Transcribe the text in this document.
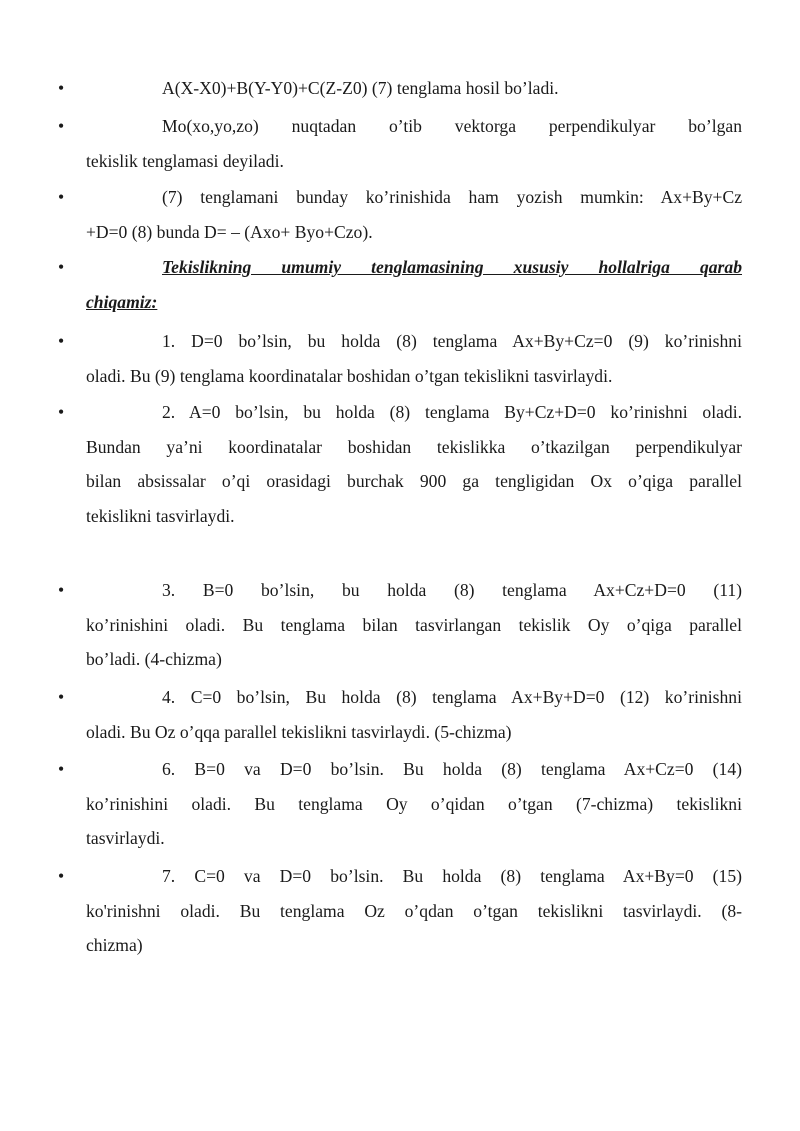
•	A(X-X0)+B(Y-Y0)+C(Z-Z0) (7) tenglama hosil bo’ladi.
•	Mo(xo,yo,zo) nuqtadan o’tib vektorga perpendikulyar bo’lgan
tekislik tenglamasi deyiladi.
•	(7) tenglamani bunday ko’rinishida ham yozish mumkin: Ax+By+Cz
+D=0 (8) bunda D= – (Axo+ Byo+Czo).
•	Tekislikning umumiy tenglamasining xususiy hollalriga qarab
chiqamiz:
•	1. D=0 bo’lsin, bu holda (8) tenglama Ax+By+Cz=0 (9) ko’rinishni
oladi. Bu (9) tenglama koordinatalar boshidan o’tgan tekislikni tasvirlaydi.
•	2. A=0 bo’lsin, bu holda (8) tenglama By+Cz+D=0 ko’rinishni oladi.
Bundan ya’ni koordinatalar boshidan tekislikka o’tkazilgan perpendikulyar
bilan absissalar o’qi orasidagi burchak 900 ga tengligidan Ox o’qiga parallel
tekislikni tasvirlaydi.
•	3. B=0 bo’lsin, bu holda (8) tenglama Ax+Cz+D=0 (11)
ko’rinishini oladi. Bu tenglama bilan tasvirlangan tekislik Oy o’qiga parallel
bo’ladi. (4-chizma)
•	4. C=0 bo’lsin, Bu holda (8) tenglama Ax+By+D=0 (12) ko’rinishni
oladi. Bu Oz o’qqa parallel tekislikni tasvirlaydi. (5-chizma)
•	6. B=0 va D=0 bo’lsin. Bu holda (8) tenglama Ax+Cz=0 (14)
ko’rinishini oladi. Bu tenglama Oy o’qidan o’tgan (7-chizma) tekislikni
tasvirlaydi.
•	7. C=0 va D=0 bo’lsin. Bu holda (8) tenglama Ax+By=0 (15)
ko'rinishni oladi. Bu tenglama Oz o’qdan o’tgan tekislikni tasvirlaydi. (8-
chizma)
